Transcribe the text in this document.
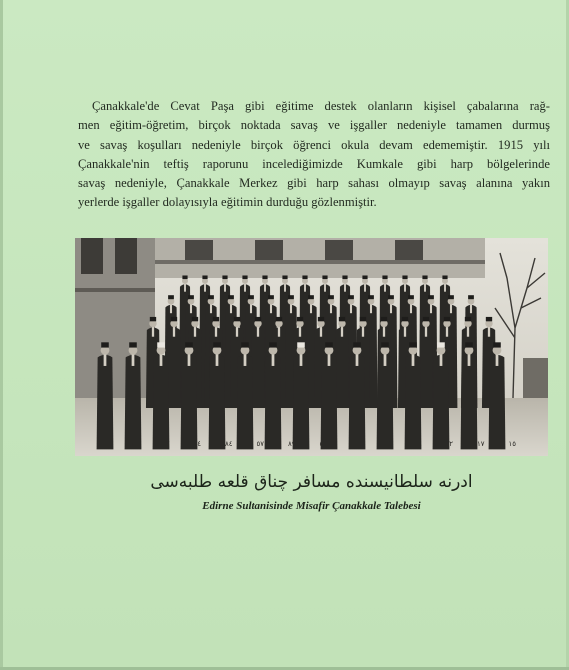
Çanakkale'de Cevat Paşa gibi eğitime destek olanların kişisel çabalarına rağ-
men eğitim-öğretim, birçok noktada savaş ve işgaller nedeniyle tamamen durmuş
ve savaş koşulları nedeniyle birçok öğrenci okula devam edememiştir. 1915 yılı
Çanakkale'nin teftiş raporunu incelediğimizde Kumkale gibi harp bölgelerinde
savaş nedeniyle, Çanakkale Merkez gibi harp sahası olmayıp savaş alanına yakın
yerlerde işgaller dolayısıyla eğitimin durduğu gözlenmiştir.
١٨	٢٠	١٧	٢٤	٨٤	٥٧	٨٩	٥٠	١٨	٥٦	٧٦	١٢	١٧	١٥

ادرنه سلطانيسنده مسافر چناق قلعه طلبه‌سى

Edirne Sultanisinde Misafir Çanakkale Talebesi
